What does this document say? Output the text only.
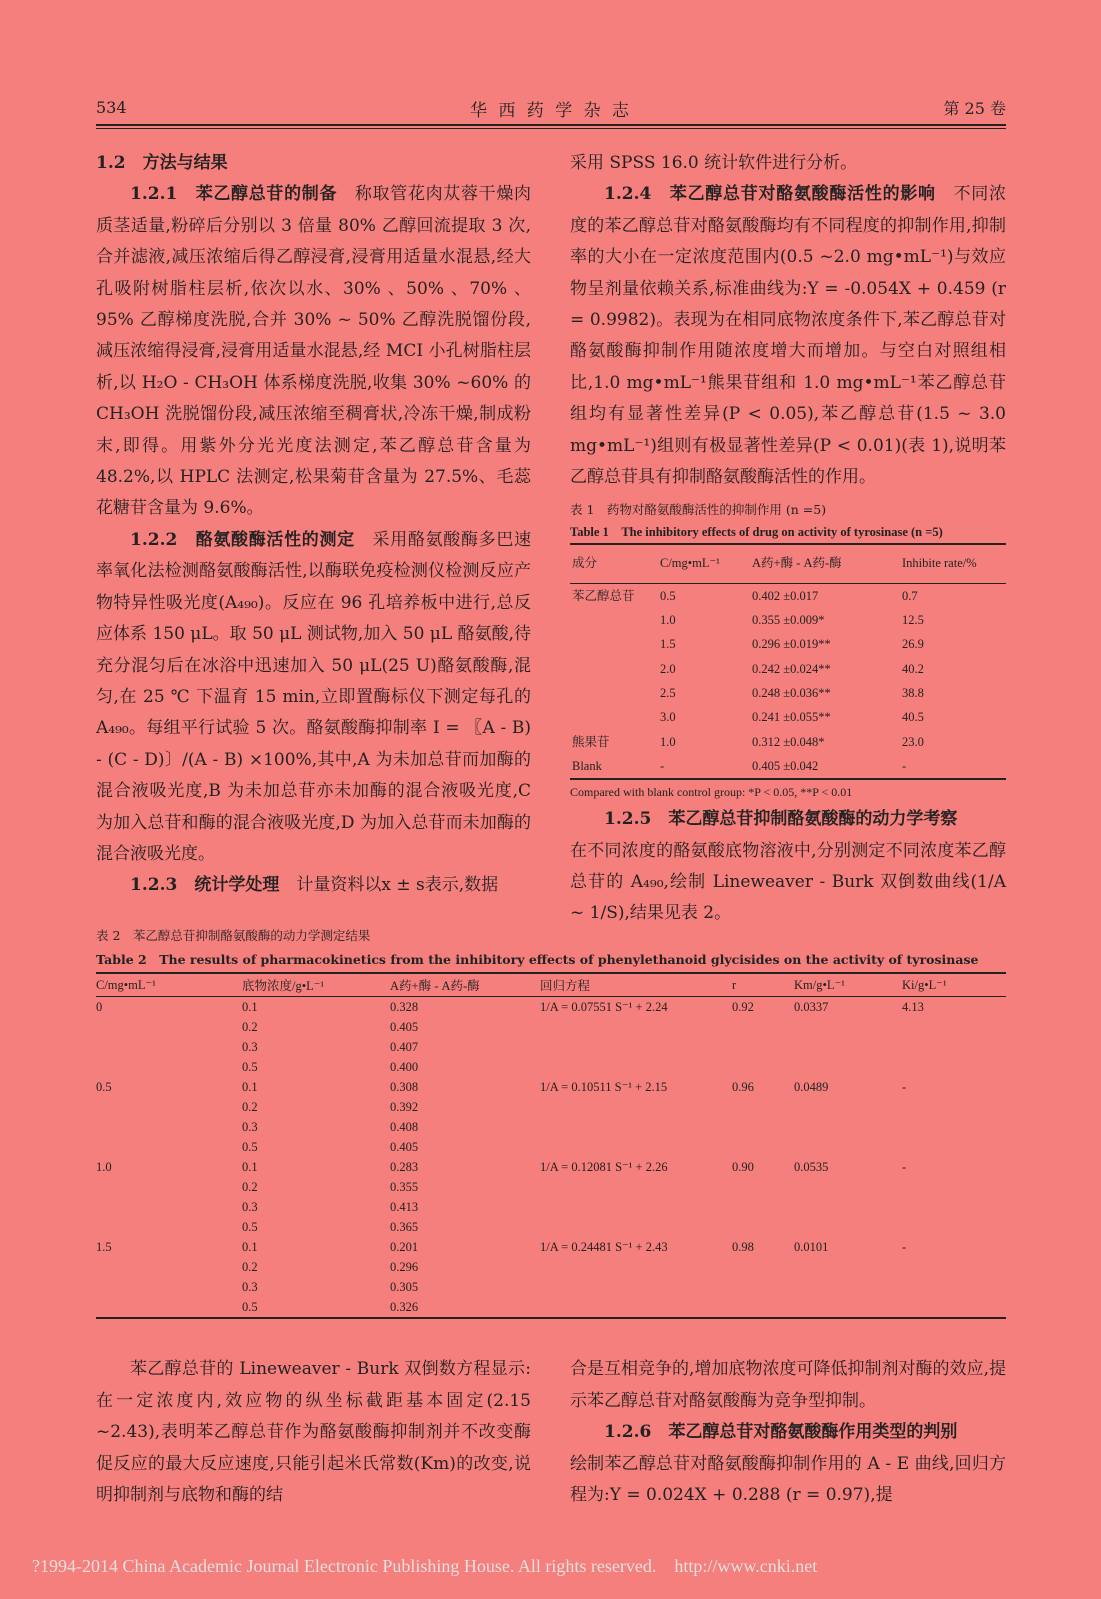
534	华 西 药 学 杂 志	第 25 卷

1.2　方法与结果

1.2.1　苯乙醇总苷的制备　 称取管花肉苁蓉干燥肉质茎适量,粉碎后分别以 3 倍量 80% 乙醇回流提取 3 次,合并滤液,减压浓缩后得乙醇浸膏,浸膏用适量水混悬,经大孔吸附树脂柱层析,依次以水、30% 、50% 、70% 、95% 乙醇梯度洗脱,合并 30% ~ 50% 乙醇洗脱馏份段,减压浓缩得浸膏,浸膏用适量水混悬,经 MCI 小孔树脂柱层析,以 H₂O - CH₃OH 体系梯度洗脱,收集 30% ~60% 的 CH₃OH 洗脱馏份段,减压浓缩至稠膏状,冷冻干燥,制成粉末,即得。用紫外分光光度法测定,苯乙醇总苷含量为 48.2%,以 HPLC 法测定,松果菊苷含量为 27.5%、毛蕊花糖苷含量为 9.6%。

1.2.2　酪氨酸酶活性的测定　 采用酪氨酸酶多巴速率氧化法检测酪氨酸酶活性,以酶联免疫检测仪检测反应产物特异性吸光度(A₄₉₀)。反应在 96 孔培养板中进行,总反应体系 150 μL。取 50 μL 测试物,加入 50 μL 酪氨酸,待充分混匀后在冰浴中迅速加入 50 μL(25 U)酪氨酸酶,混匀,在 25 ℃ 下温育 15 min,立即置酶标仪下测定每孔的 A₄₉₀。每组平行试验 5 次。酪氨酸酶抑制率 I = 〖A - B) - (C - D)〕/(A - B) ×100%,其中,A 为未加总苷而加酶的混合液吸光度,B 为未加总苷亦未加酶的混合液吸光度,C 为加入总苷和酶的混合液吸光度,D 为加入总苷而未加酶的混合液吸光度。

1.2.3　统计学处理　 计量资料以x ± s表示,数据

采用 SPSS 16.0 统计软件进行分析。

1.2.4　苯乙醇总苷对酪氨酸酶活性的影响　 不同浓度的苯乙醇总苷对酪氨酸酶均有不同程度的抑制作用,抑制率的大小在一定浓度范围内(0.5 ~2.0 mg•mL⁻¹)与效应物呈剂量依赖关系,标准曲线为:Y = -0.054X + 0.459 (r = 0.9982)。表现为在相同底物浓度条件下,苯乙醇总苷对酪氨酸酶抑制作用随浓度增大而增加。与空白对照组相比,1.0 mg•mL⁻¹熊果苷组和 1.0 mg•mL⁻¹苯乙醇总苷组均有显著性差异(P < 0.05),苯乙醇总苷(1.5 ~ 3.0 mg•mL⁻¹)组则有极显著性差异(P < 0.01)(表 1),说明苯乙醇总苷具有抑制酪氨酸酶活性的作用。

表 1　药物对酪氨酸酶活性的抑制作用 (n =5)

Table 1　 The inhibitory effects of drug on activity of tyrosinase (n =5)

成分	C/mg•mL⁻¹	A药+酶 - A药-酶	Inhibite rate/%
苯乙醇总苷	0.5	0.402 ±0.017	0.7
	1.0	0.355 ±0.009*	12.5
	1.5	0.296 ±0.019**	26.9
	2.0	0.242 ±0.024**	40.2
	2.5	0.248 ±0.036**	38.8
	3.0	0.241 ±0.055**	40.5
熊果苷	1.0	0.312 ±0.048*	23.0
Blank	-	0.405 ±0.042	-

Compared with blank control group: *P < 0.05, **P < 0.01

1.2.5　苯乙醇总苷抑制酪氨酸酶的动力学考察

在不同浓度的酪氨酸底物溶液中,分别测定不同浓度苯乙醇总苷的 A₄₉₀,绘制 Lineweaver - Burk 双倒数曲线(1/A ~ 1/S),结果见表 2。

表 2　苯乙醇总苷抑制酪氨酸酶的动力学测定结果
Table 2　 The results of pharmacokinetics from the inhibitory effects of phenylethanoid glycisides on the activity of tyrosinase
C/mg•mL⁻¹	底物浓度/g•L⁻¹	A药+酶 - A药-酶	回归方程	r	Km/g•L⁻¹	Ki/g•L⁻¹
0	0.1	0.328	1/A = 0.07551 S⁻¹ + 2.24	0.92	0.0337	4.13
	0.2	0.405				
	0.3	0.407				
	0.5	0.400				
0.5	0.1	0.308	1/A = 0.10511 S⁻¹ + 2.15	0.96	0.0489	-
	0.2	0.392				
	0.3	0.408				
	0.5	0.405				
1.0	0.1	0.283	1/A = 0.12081 S⁻¹ + 2.26	0.90	0.0535	-
	0.2	0.355				
	0.3	0.413				
	0.5	0.365				
1.5	0.1	0.201	1/A = 0.24481 S⁻¹ + 2.43	0.98	0.0101	-
	0.2	0.296				
	0.3	0.305				
	0.5	0.326				

苯乙醇总苷的 Lineweaver - Burk 双倒数方程显示:在一定浓度内,效应物的纵坐标截距基本固定(2.15 ~2.43),表明苯乙醇总苷作为酪氨酸酶抑制剂并不改变酶促反应的最大反应速度,只能引起米氏常数(Km)的改变,说明抑制剂与底物和酶的结

合是互相竞争的,增加底物浓度可降低抑制剂对酶的效应,提示苯乙醇总苷对酪氨酸酶为竞争型抑制。

1.2.6　苯乙醇总苷对酪氨酸酶作用类型的判别

绘制苯乙醇总苷对酪氨酸酶抑制作用的 A - E 曲线,回归方程为:Y = 0.024X + 0.288 (r = 0.97),提

?1994-2014 China Academic Journal Electronic Publishing House. All rights reserved.    http://www.cnki.net
